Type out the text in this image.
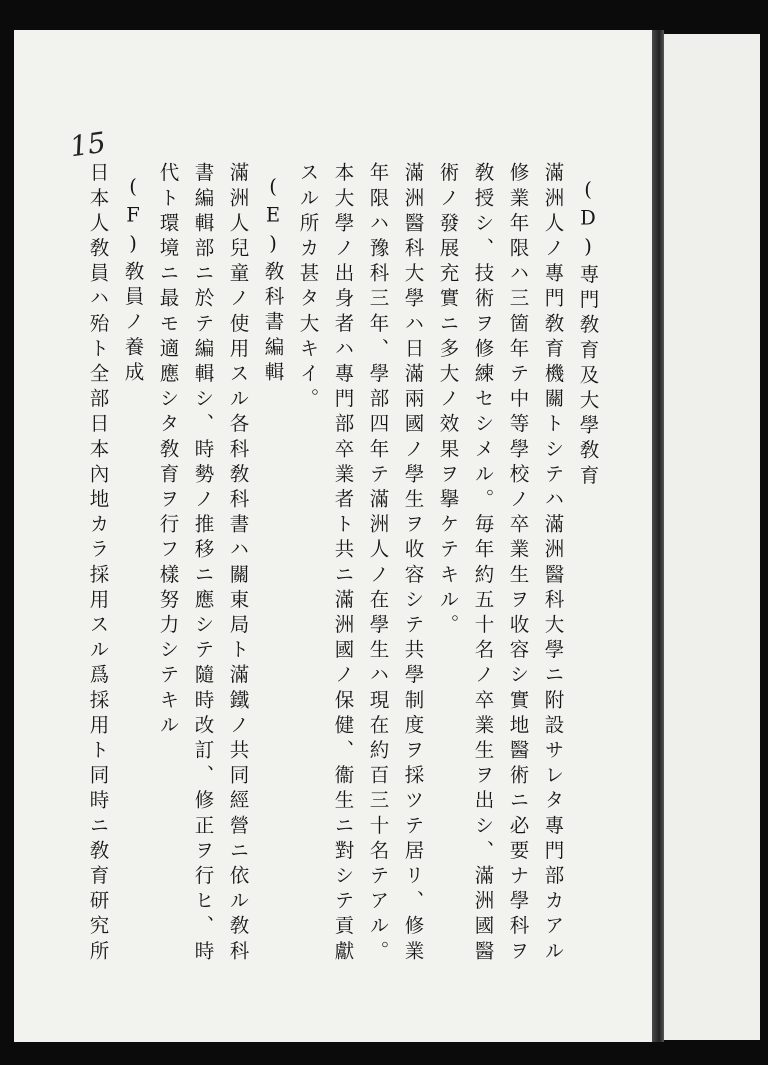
15
(D)専門敎育及大學敎育
滿洲人ノ專門敎育機關トシテハ滿洲醫科大學ニ附設サレタ專門部カアル
修業年限ハ三箇年テ中等學校ノ卒業生ヲ收容シ實地醫術ニ必要ナ學科ヲ
敎授シ、技術ヲ修練セシメル。毎年約五十名ノ卒業生ヲ出シ、滿洲國醫
術ノ發展充實ニ多大ノ效果ヲ擧ケテキル。
滿洲醫科大學ハ日滿兩國ノ學生ヲ收容シテ共學制度ヲ採ツテ居リ、修業
年限ハ豫科三年、學部四年テ滿洲人ノ在學生ハ現在約百三十名テアル。
本大學ノ出身者ハ專門部卒業者ト共ニ滿洲國ノ保健、衞生ニ對シテ貢獻
スル所カ甚タ大キイ。
(E)敎科書編輯
滿洲人兒童ノ使用スル各科敎科書ハ關東局ト滿鐵ノ共同經營ニ依ル敎科
書編輯部ニ於テ編輯シ、時勢ノ推移ニ應シテ隨時改訂、修正ヲ行ヒ、時
代ト環境ニ最モ適應シタ敎育ヲ行フ樣努力シテキル
(F)敎員ノ養成
日本人敎員ハ殆ト全部日本內地カラ採用スル爲採用ト同時ニ敎育研究所
